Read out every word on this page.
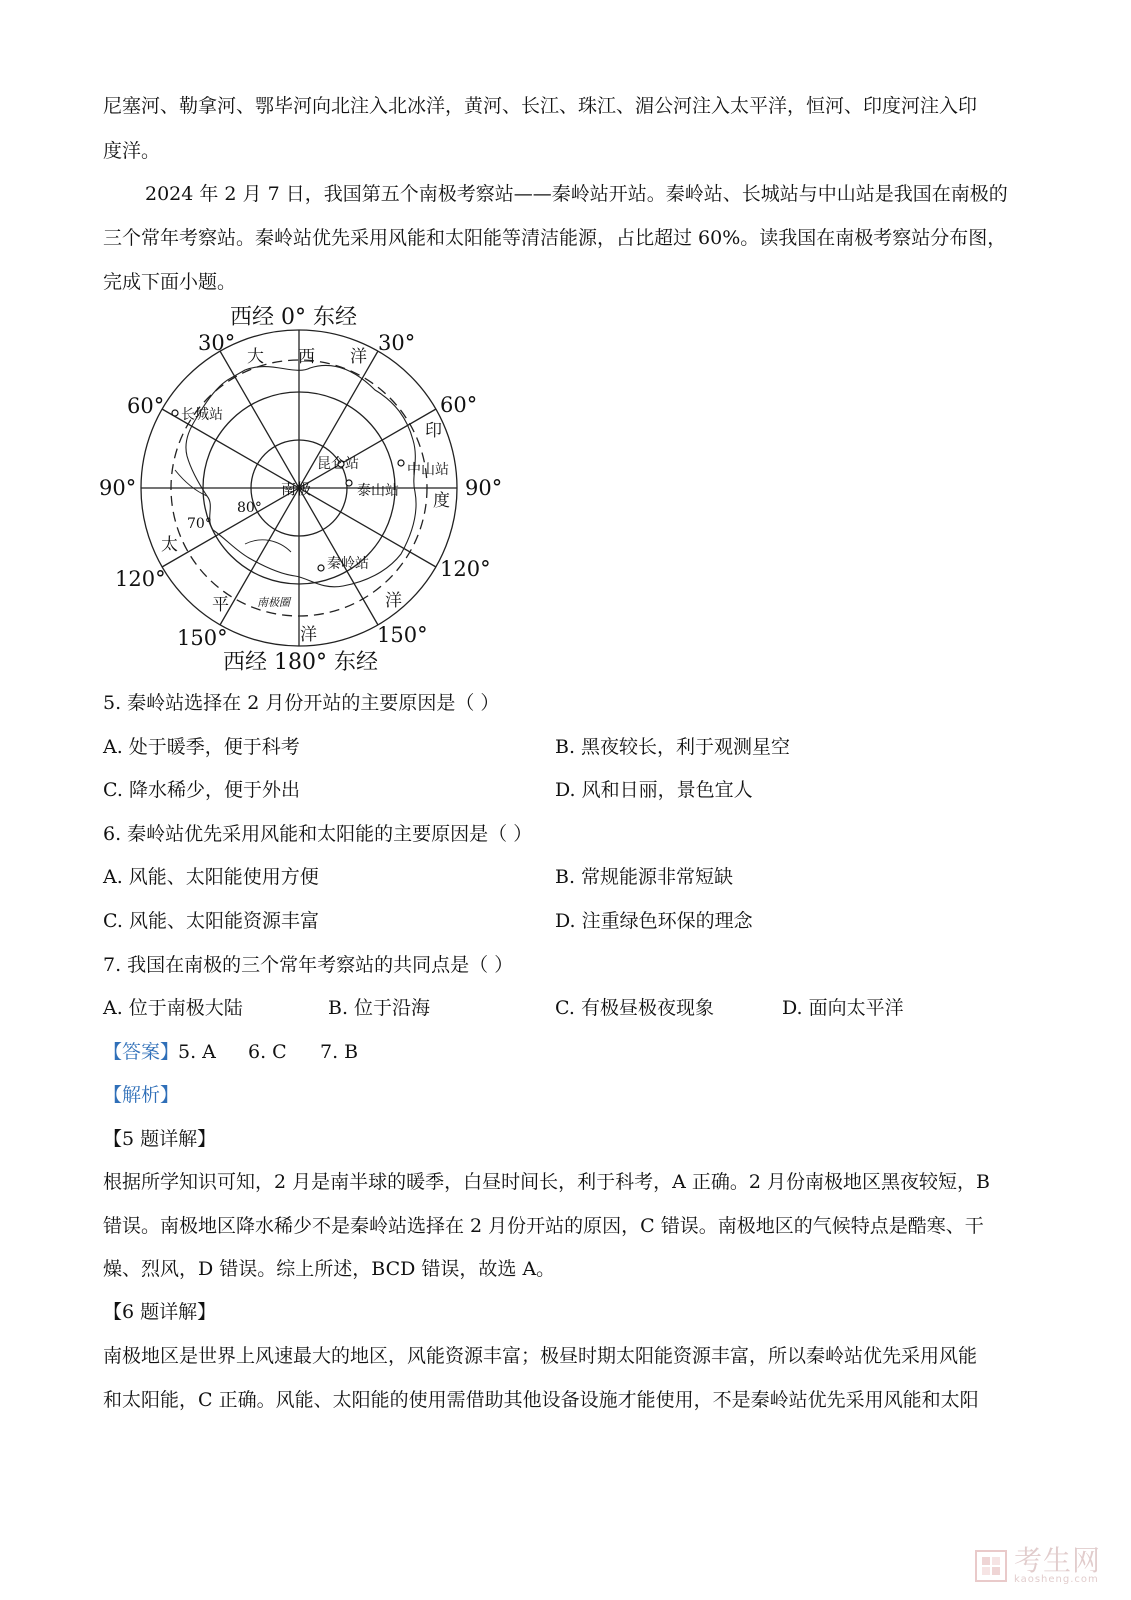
尼塞河、勒拿河、鄂毕河向北注入北冰洋，黄河、长江、珠江、湄公河注入太平洋，恒河、印度河注入印
度洋。
2024 年 2 月 7 日，我国第五个南极考察站——秦岭站开站。秦岭站、长城站与中山站是我国在南极的
三个常年考察站。秦岭站优先采用风能和太阳能等清洁能源，占比超过 60%。读我国在南极考察站分布图，
完成下面小题。
西经 0° 东经
西经 180° 东经
30°	30°
60°	60°
90°	90°
120°	120°
150°	150°
大 西 洋
印
度
太
平
洋
洋
长城站
昆仑站	中山站
泰山站
秦岭站
南极
80°
70°
南极圈
5. 秦岭站选择在 2 月份开站的主要原因是（ ）
A. 处于暖季，便于科考	B. 黑夜较长，利于观测星空
C. 降水稀少，便于外出	D. 风和日丽，景色宜人
6. 秦岭站优先采用风能和太阳能的主要原因是（ ）
A. 风能、太阳能使用方便	B. 常规能源非常短缺
C. 风能、太阳能资源丰富	D. 注重绿色环保的理念
7. 我国在南极的三个常年考察站的共同点是（ ）
A. 位于南极大陆	B. 位于沿海	C. 有极昼极夜现象	D. 面向太平洋
【答案】
5. A 6. C 7. B
【解析】
【5 题详解】
根据所学知识可知，2 月是南半球的暖季，白昼时间长，利于科考，A 正确。2 月份南极地区黑夜较短，B
错误。南极地区降水稀少不是秦岭站选择在 2 月份开站的原因，C 错误。南极地区的气候特点是酷寒、干
燥、烈风，D 错误。综上所述，BCD 错误，故选 A。
【6 题详解】
南极地区是世界上风速最大的地区，风能资源丰富；极昼时期太阳能资源丰富，所以秦岭站优先采用风能
和太阳能，C 正确。风能、太阳能的使用需借助其他设备设施才能使用，不是秦岭站优先采用风能和太阳
考生网
kaosheng.com
